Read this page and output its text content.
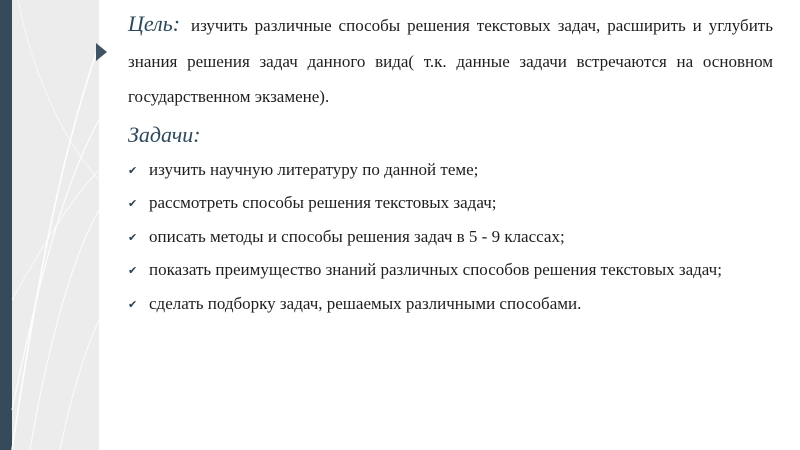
Цель: изучить различные способы решения текстовых задач, расширить и углубить знания решения задач данного вида( т.к. данные задачи встречаются на основном государственном экзамене).

Задачи:
✔ изучить научную литературу по данной теме;
✔ рассмотреть способы решения текстовых задач;
✔ описать методы и способы решения задач в 5 - 9 классах;
✔ показать преимущество знаний различных способов решения текстовых задач;
✔ сделать подборку задач, решаемых различными способами.
